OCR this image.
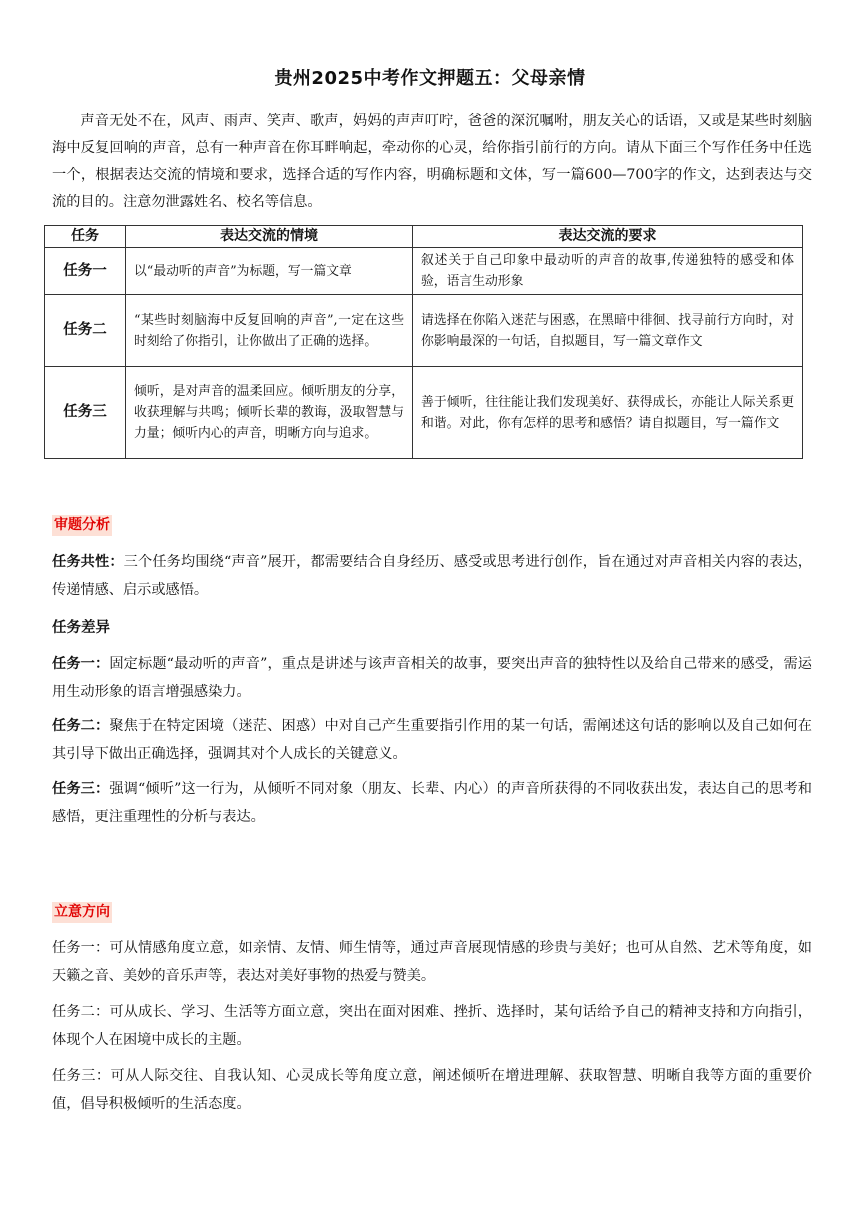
贵州2025中考作文押题五：父母亲情
声音无处不在，风声、雨声、笑声、歌声，妈妈的声声叮咛，爸爸的深沉嘱咐，朋友关心的话语，又或是某些时刻脑海中反复回响的声音，总有一种声音在你耳畔响起，牵动你的心灵，给你指引前行的方向。请从下面三个写作任务中任选一个，根据表达交流的情境和要求，选择合适的写作内容，明确标题和文体，写一篇600—700字的作文，达到表达与交流的目的。注意勿泄露姓名、校名等信息。
任务	表达交流的情境	表达交流的要求
任务一	以“最动听的声音”为标题，写一篇文章	叙述关于自己印象中最动听的声音的故事,传递独特的感受和体验，语言生动形象
任务二	“某些时刻脑海中反复回响的声音”,一定在这些时刻给了你指引，让你做出了正确的选择。	请选择在你陷入迷茫与困惑，在黑暗中徘徊、找寻前行方向时，对你影响最深的一句话，自拟题目，写一篇文章作文
任务三	倾听，是对声音的温柔回应。倾听朋友的分享，收获理解与共鸣；倾听长辈的教诲，汲取智慧与力量；倾听内心的声音，明晰方向与追求。	善于倾听，往往能让我们发现美好、获得成长，亦能让人际关系更和谐。对此，你有怎样的思考和感悟？请自拟题目，写一篇作文
审题分析
任务共性：三个任务均围绕“声音”展开，都需要结合自身经历、感受或思考进行创作，旨在通过对声音相关内容的表达，传递情感、启示或感悟。
任务差异
任务一：固定标题“最动听的声音”，重点是讲述与该声音相关的故事，要突出声音的独特性以及给自己带来的感受，需运用生动形象的语言增强感染力。
任务二：聚焦于在特定困境（迷茫、困惑）中对自己产生重要指引作用的某一句话，需阐述这句话的影响以及自己如何在其引导下做出正确选择，强调其对个人成长的关键意义。
任务三：强调“倾听”这一行为，从倾听不同对象（朋友、长辈、内心）的声音所获得的不同收获出发，表达自己的思考和感悟，更注重理性的分析与表达。
立意方向
任务一：可从情感角度立意，如亲情、友情、师生情等，通过声音展现情感的珍贵与美好；也可从自然、艺术等角度，如天籁之音、美妙的音乐声等，表达对美好事物的热爱与赞美。
任务二：可从成长、学习、生活等方面立意，突出在面对困难、挫折、选择时，某句话给予自己的精神支持和方向指引，体现个人在困境中成长的主题。
任务三：可从人际交往、自我认知、心灵成长等角度立意，阐述倾听在增进理解、获取智慧、明晰自我等方面的重要价值，倡导积极倾听的生活态度。
